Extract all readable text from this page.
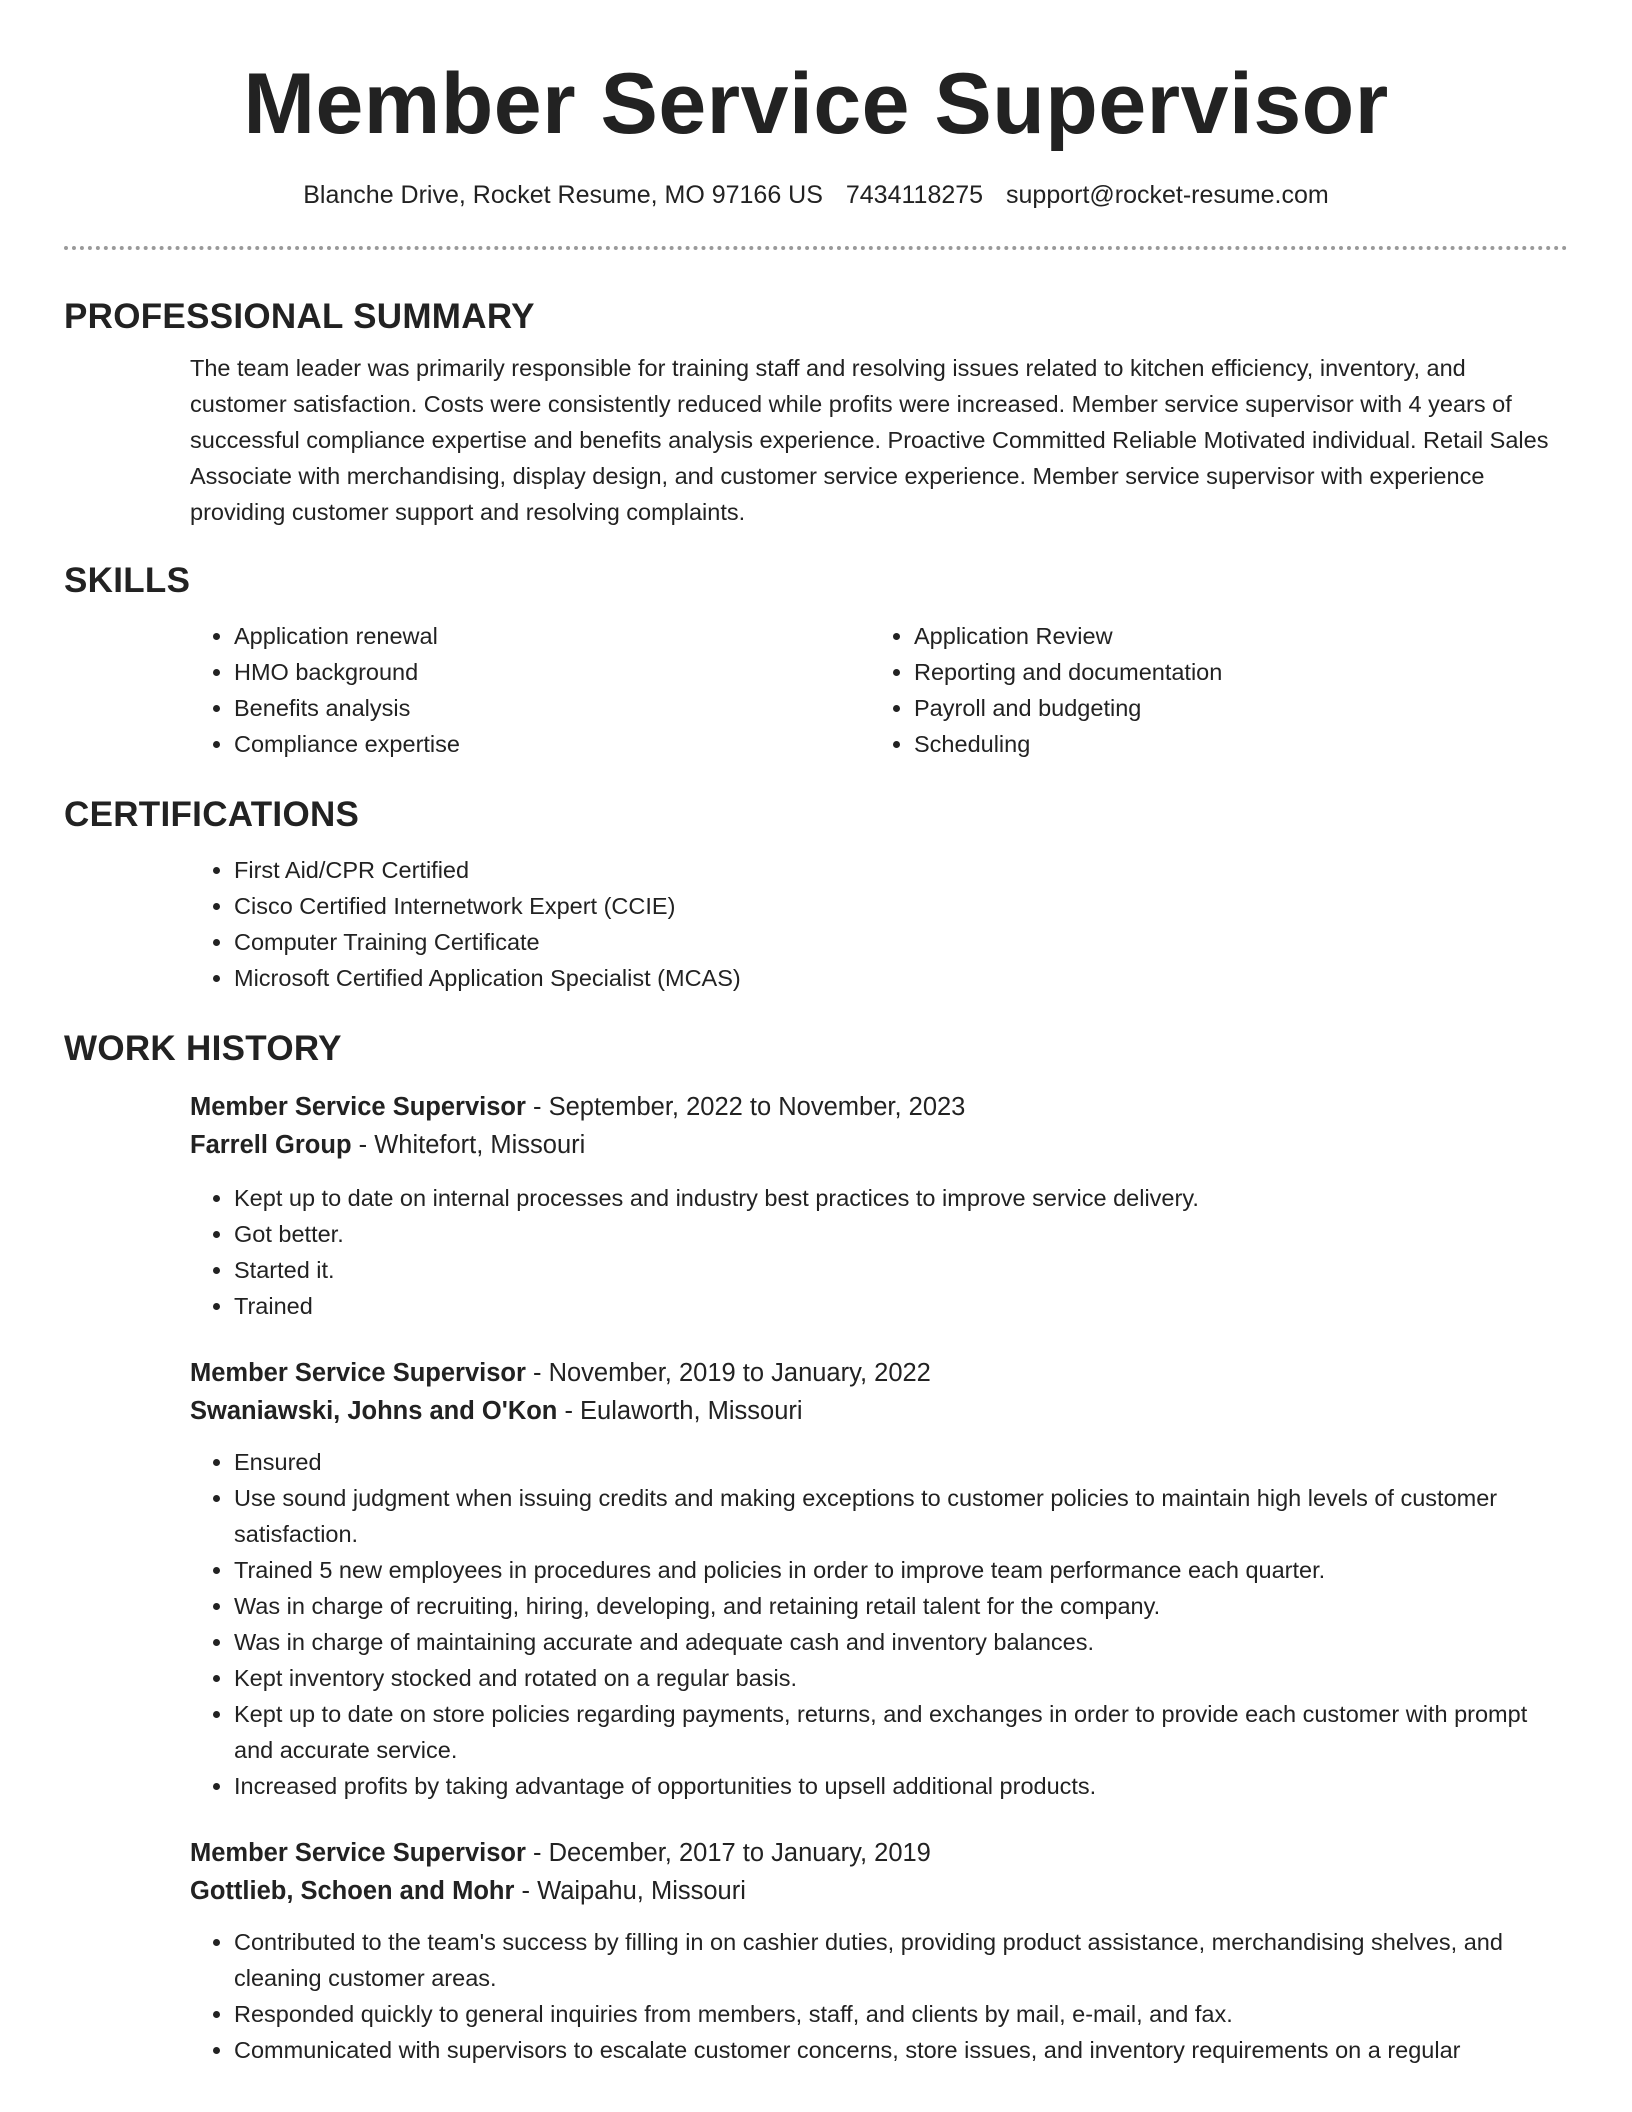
Member Service Supervisor
Blanche Drive, Rocket Resume, MO 97166 US 7434118275 support@rocket-resume.com
PROFESSIONAL SUMMARY

The team leader was primarily responsible for training staff and resolving issues related to kitchen efficiency, inventory, and customer satisfaction. Costs were consistently reduced while profits were increased. Member service supervisor with 4 years of successful compliance expertise and benefits analysis experience. Proactive Committed Reliable Motivated individual. Retail Sales Associate with merchandising, display design, and customer service experience. Member service supervisor with experience providing customer support and resolving complaints.

SKILLS
• Application renewal
• HMO background
• Benefits analysis
• Compliance expertise
• Application Review
• Reporting and documentation
• Payroll and budgeting
• Scheduling
CERTIFICATIONS
• First Aid/CPR Certified
• Cisco Certified Internetwork Expert (CCIE)
• Computer Training Certificate
• Microsoft Certified Application Specialist (MCAS)
WORK HISTORY
Member Service Supervisor - September, 2022 to November, 2023
Farrell Group - Whitefort, Missouri
• Kept up to date on internal processes and industry best practices to improve service delivery.
• Got better.
• Started it.
• Trained
Member Service Supervisor - November, 2019 to January, 2022
Swaniawski, Johns and O'Kon - Eulaworth, Missouri
• Ensured
• Use sound judgment when issuing credits and making exceptions to customer policies to maintain high levels of customer satisfaction.
• Trained 5 new employees in procedures and policies in order to improve team performance each quarter.
• Was in charge of recruiting, hiring, developing, and retaining retail talent for the company.
• Was in charge of maintaining accurate and adequate cash and inventory balances.
• Kept inventory stocked and rotated on a regular basis.
• Kept up to date on store policies regarding payments, returns, and exchanges in order to provide each customer with prompt and accurate service.
• Increased profits by taking advantage of opportunities to upsell additional products.
Member Service Supervisor - December, 2017 to January, 2019
Gottlieb, Schoen and Mohr - Waipahu, Missouri
• Contributed to the team's success by filling in on cashier duties, providing product assistance, merchandising shelves, and cleaning customer areas.
• Responded quickly to general inquiries from members, staff, and clients by mail, e-mail, and fax.
• Communicated with supervisors to escalate customer concerns, store issues, and inventory requirements on a regular
